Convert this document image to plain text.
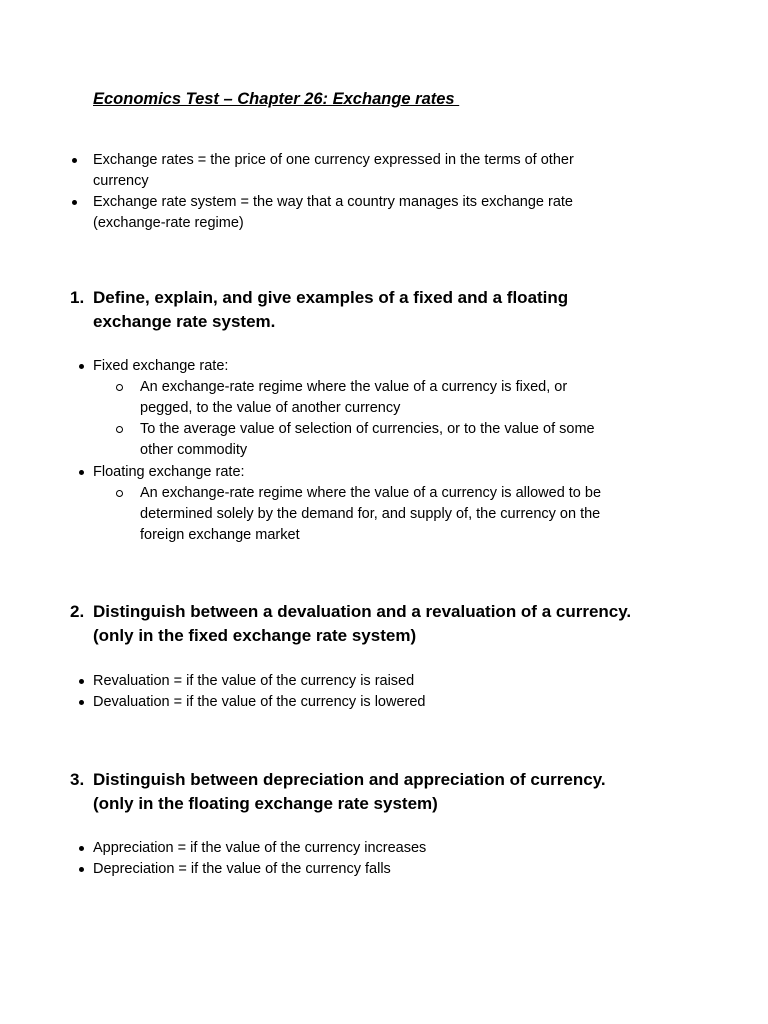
Economics Test – Chapter 26: Exchange rates
Exchange rates = the price of one currency expressed in the terms of other
currency
Exchange rate system = the way that a country manages its exchange rate
(exchange-rate regime)
1. Define, explain, and give examples of a fixed and a floating
exchange rate system.
Fixed exchange rate:
An exchange-rate regime where the value of a currency is fixed, or
pegged, to the value of another currency
To the average value of selection of currencies, or to the value of some
other commodity
Floating exchange rate:
An exchange-rate regime where the value of a currency is allowed to be
determined solely by the demand for, and supply of, the currency on the
foreign exchange market
2. Distinguish between a devaluation and a revaluation of a currency.
(only in the fixed exchange rate system)
Revaluation = if the value of the currency is raised
Devaluation = if the value of the currency is lowered
3. Distinguish between depreciation and appreciation of currency.
(only in the floating exchange rate system)
Appreciation = if the value of the currency increases
Depreciation = if the value of the currency falls
